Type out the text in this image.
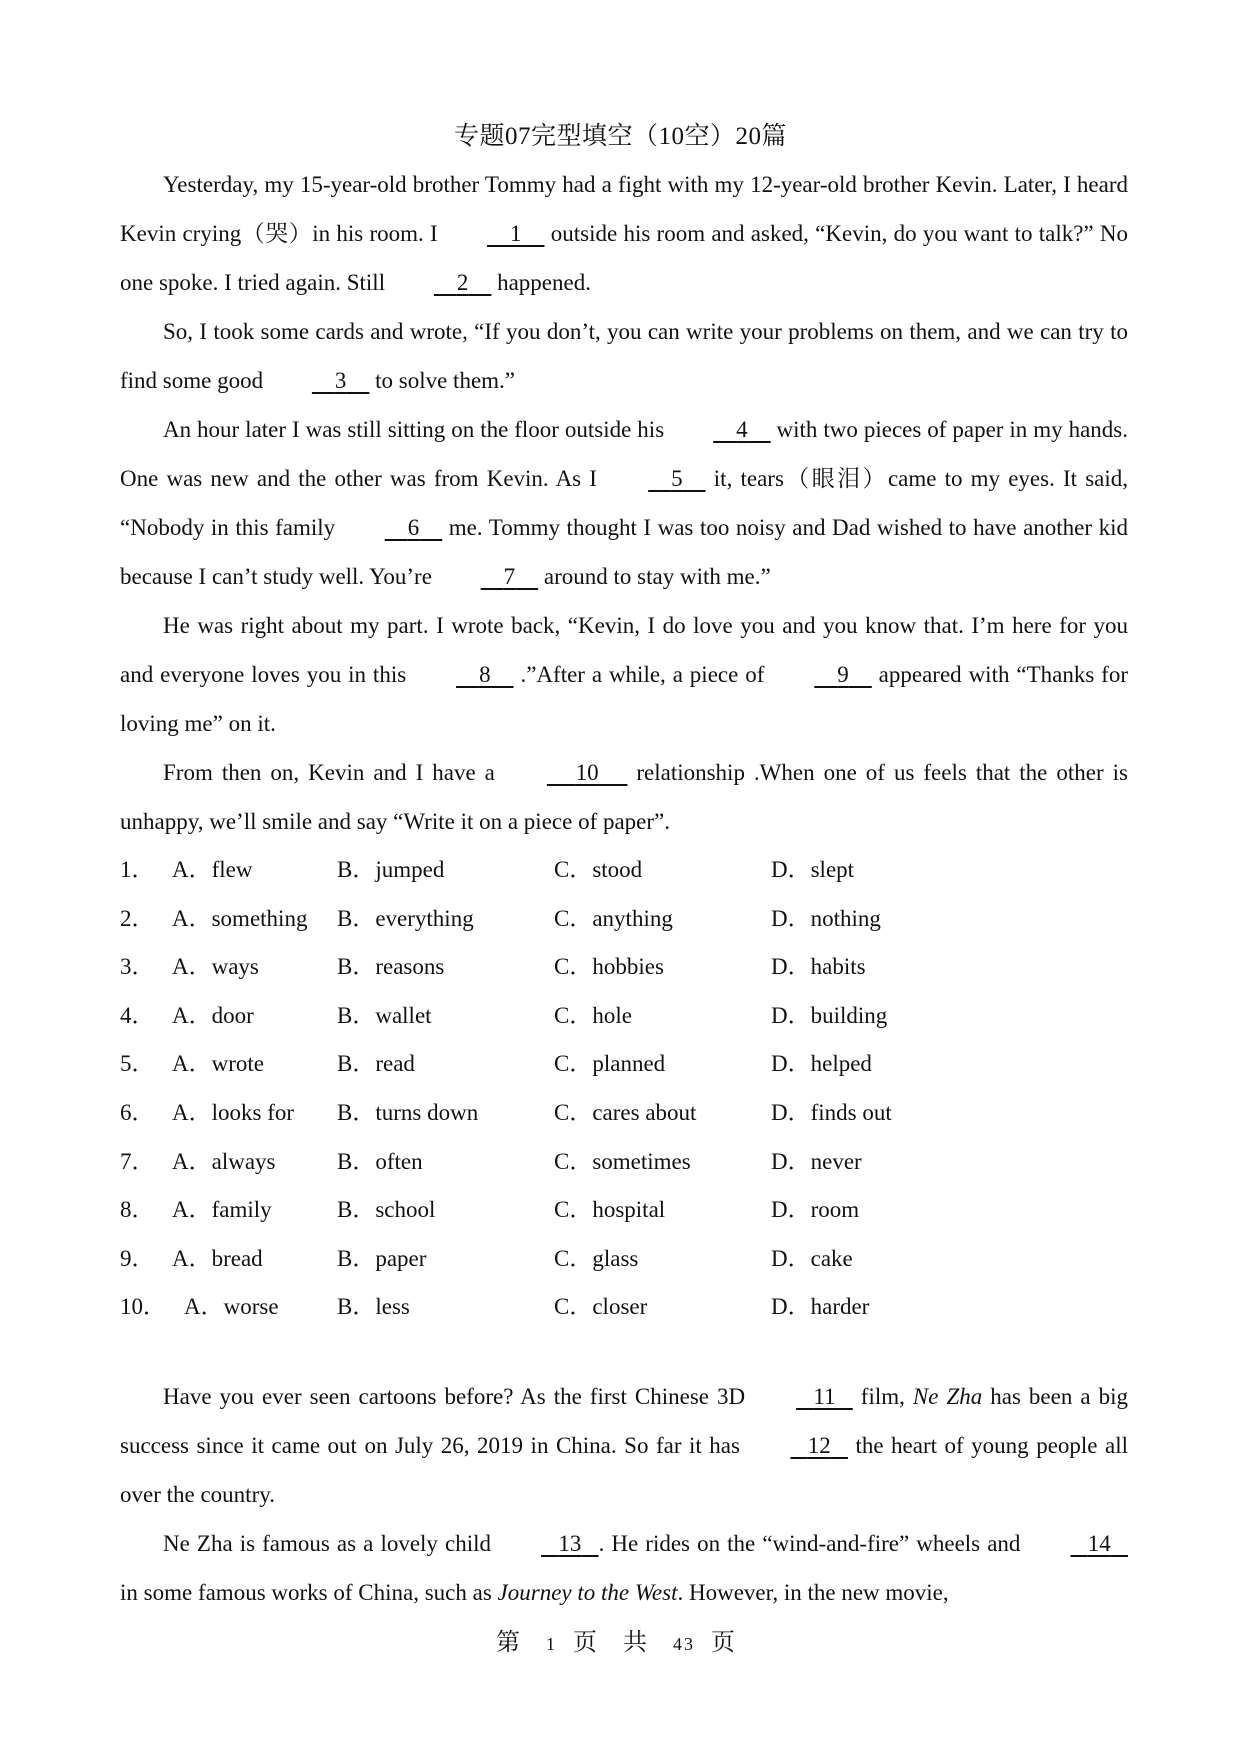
专题07完型填空（10空）20篇

Yesterday, my 15-year-old brother Tommy had a fight with my 12-year-old brother Kevin. Later, I heard Kevin crying（哭）in his room. I	1     outside his room and asked, “Kevin, do you want to talk?” No one spoke. I tried again. Still	2     happened.

So, I took some cards and wrote, “If you don’t, you can write your problems on them, and we can try to find some good	3     to solve them.”

An hour later I was still sitting on the floor outside his	4     with two pieces of paper in my hands. One was new and the other was from Kevin. As I	5     it, tears（眼泪）came to my eyes. It said, “Nobody in this family	6     me. Tommy thought I was too noisy and Dad wished to have another kid because I can’t study well. You’re	7     around to stay with me.”

He was right about my part. I wrote back, “Kevin, I do love you and you know that. I’m here for you and everyone loves you in this	8     .”After a while, a piece of	9     appeared with “Thanks for loving me” on it.

From then on, Kevin and I have a	10      relationship .When one of us feels that the other is unhappy, we’ll smile and say “Write it on a piece of paper”.

1． A．flew	B．jumped	C．stood	D．slept
2． A．something	B．everything	C．anything	D．nothing
3． A．ways	B．reasons	C．hobbies	D．habits
4． A．door	B．wallet	C．hole	D．building
5． A．wrote	B．read	C．planned	D．helped
6． A．looks for	B．turns down	C．cares about	D．finds out
7． A．always	B．often	C．sometimes	D．never
8． A．family	B．school	C．hospital	D．room
9． A．bread	B．paper	C．glass	D．cake
10． A．worse	B．less	C．closer	D．harder

Have you ever seen cartoons before? As the first Chinese 3D	11    film, Ne Zha has been a big success since it came out on July 26, 2019 in China. So far it has	12    the heart of young people all over the country.

Ne Zha is famous as a lovely child	13 . He rides on the “wind-and-fire” wheels and	14    in some famous works of China, such as Journey to the West. However, in the new movie,

第 1 页 共 43 页
